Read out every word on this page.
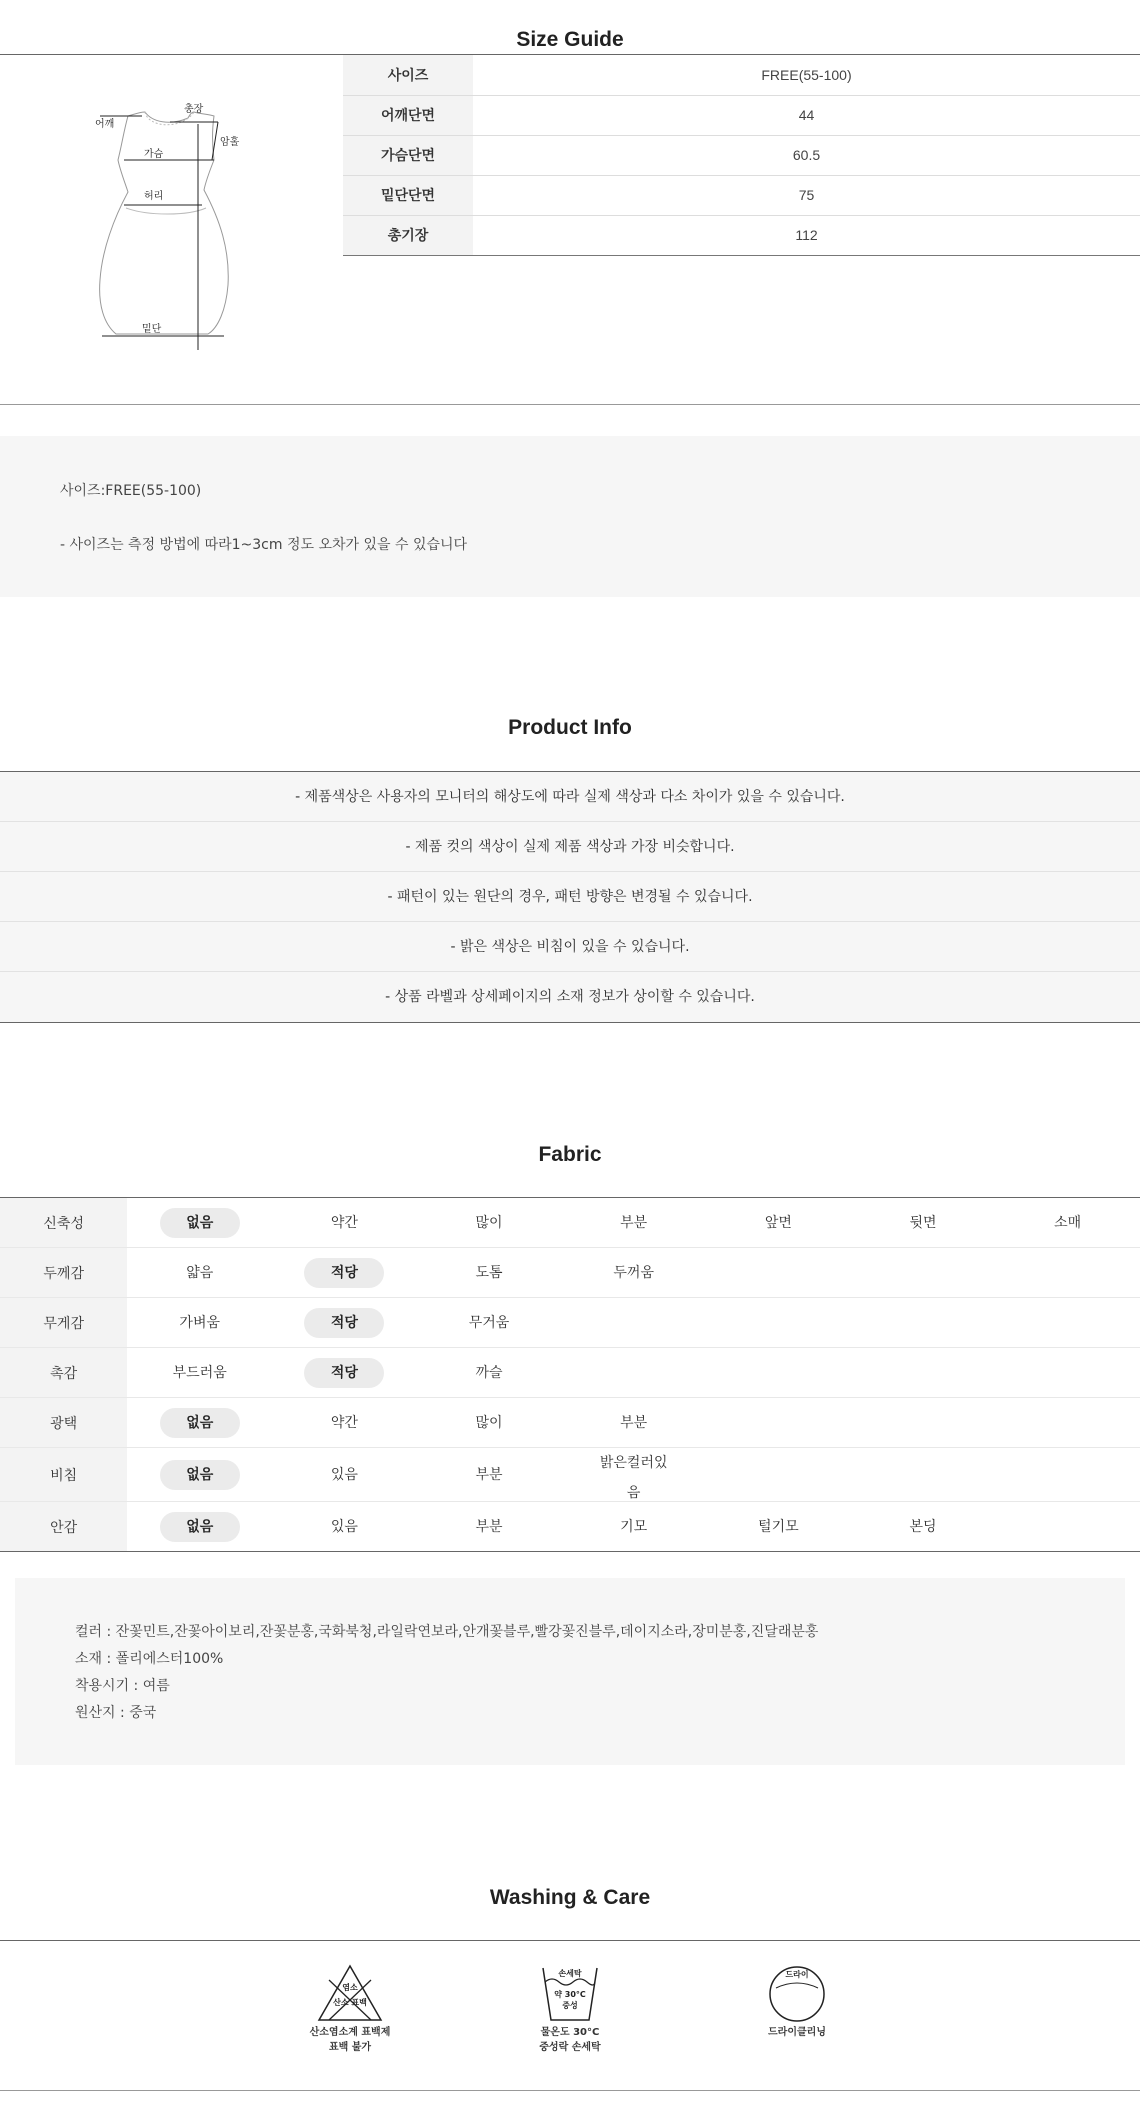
Size Guide
어깨
총장
암홀
가슴
허리
밑단
사이즈	FREE(55-100)
어깨단면	44
가슴단면	60.5
밑단단면	75
총기장	112

사이즈:FREE(55-100)

- 사이즈는 측정 방법에 따라1~3cm 정도 오차가 있을 수 있습니다

Product Info
- 제품색상은 사용자의 모니터의 해상도에 따라 실제 색상과 다소 차이가 있을 수 있습니다.
- 제품 컷의 색상이 실제 제품 색상과 가장 비슷합니다.
- 패턴이 있는 원단의 경우, 패턴 방향은 변경될 수 있습니다.
- 밝은 색상은 비침이 있을 수 있습니다.
- 상품 라벨과 상세페이지의 소재 정보가 상이할 수 있습니다.
Fabric
신축성	없음	약간	많이	부분	앞면	뒷면	소매
두께감	얇음	적당	도톰	두꺼움			
무게감	가벼움	적당	무거움				
촉감	부드러움	적당	까슬				
광택	없음	약간	많이	부분			
비침	없음	있음	부분	밝은컬러있음			
안감	없음	있음	부분	기모	털기모	본딩	

컬러 : 잔꽃민트,잔꽃아이보리,잔꽃분홍,국화북청,라일락연보라,안개꽃블루,빨강꽃진블루,데이지소라,장미분홍,진달래분홍

소재 : 폴리에스터100%

착용시기 : 여름

원산지 : 중국

Washing & Care
염소
산소 표백
산소염소계 표백제
표백 불가
손세탁
약 30°C
중성
물온도 30°C
중성락 손세탁
드라이
드라이클리닝
